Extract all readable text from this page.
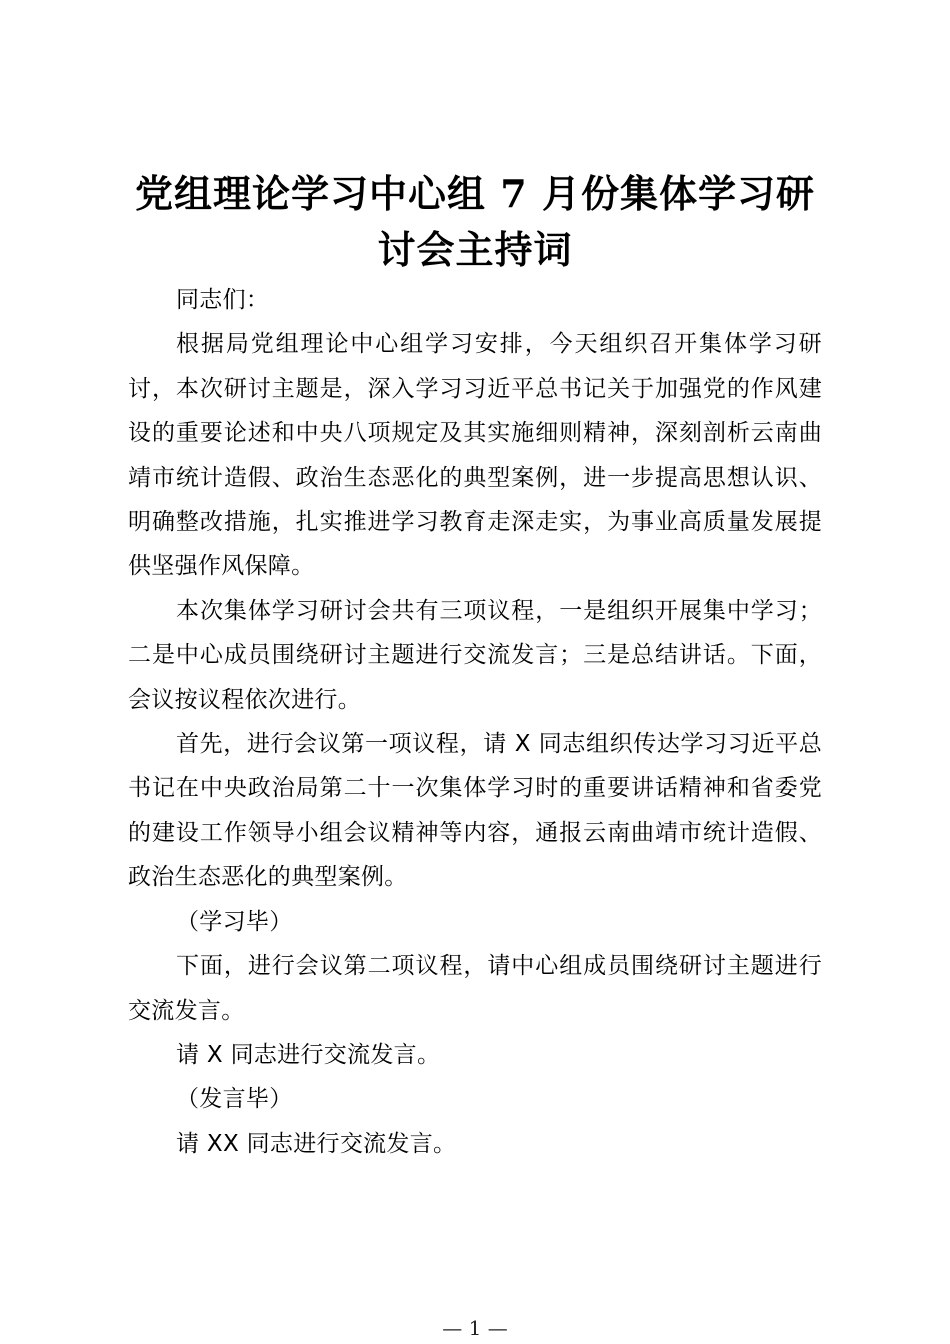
党组理论学习中心组 7 月份集体学习研
讨会主持词

同志们：

根据局党组理论中心组学习安排，今天组织召开集体学习研讨，本次研讨主题是，深入学习习近平总书记关于加强党的作风建设的重要论述和中央八项规定及其实施细则精神，深刻剖析云南曲靖市统计造假、政治生态恶化的典型案例，进一步提高思想认识、明确整改措施，扎实推进学习教育走深走实，为事业高质量发展提供坚强作风保障。

本次集体学习研讨会共有三项议程，一是组织开展集中学习；二是中心成员围绕研讨主题进行交流发言；三是总结讲话。下面，会议按议程依次进行。

首先，进行会议第一项议程，请 X 同志组织传达学习习近平总书记在中央政治局第二十一次集体学习时的重要讲话精神和省委党的建设工作领导小组会议精神等内容，通报云南曲靖市统计造假、政治生态恶化的典型案例。

（学习毕）

下面，进行会议第二项议程，请中心组成员围绕研讨主题进行交流发言。

请 X 同志进行交流发言。

（发言毕）

请 XX 同志进行交流发言。

— 1 —
